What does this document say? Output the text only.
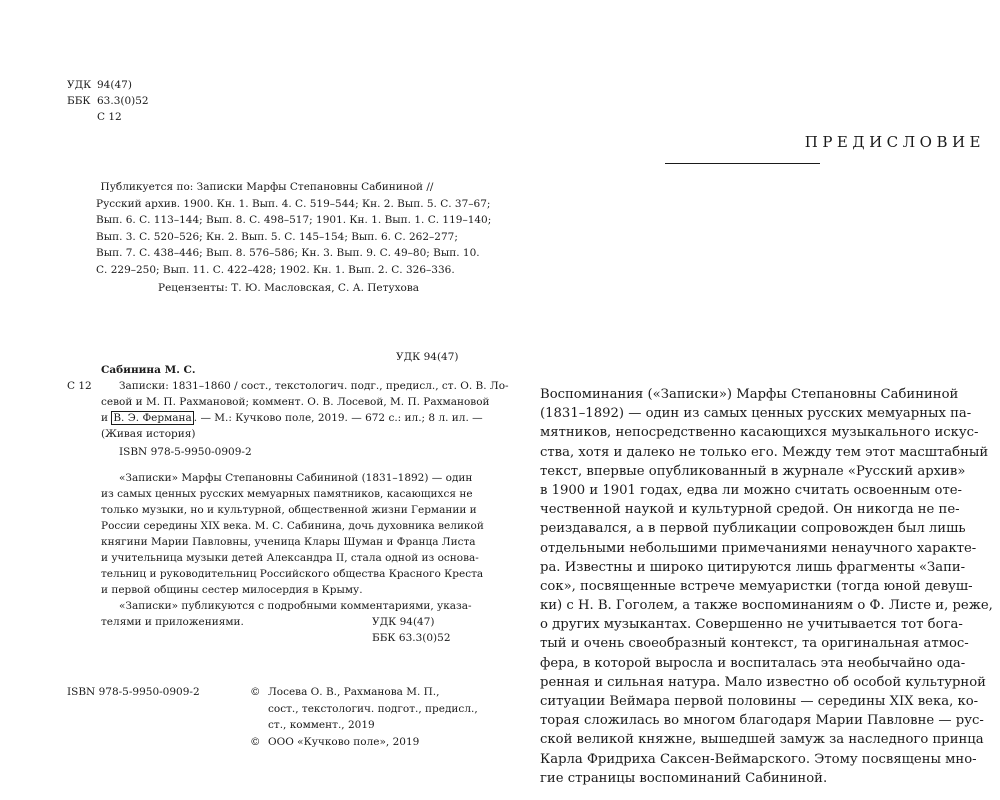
УДК 94(47)
ББК 63.3(0)52
С 12
Публикуется по: Записки Марфы Степановны Сабининой //
Русский архив. 1900. Кн. 1. Вып. 4. С. 519–544; Кн. 2. Вып. 5. С. 37–67;
Вып. 6. С. 113–144; Вып. 8. С. 498–517; 1901. Кн. 1. Вып. 1. С. 119–140;
Вып. 3. С. 520–526; Кн. 2. Вып. 5. С. 145–154; Вып. 6. С. 262–277;
Вып. 7. С. 438–446; Вып. 8. 576–586; Кн. 3. Вып. 9. С. 49–80; Вып. 10.
С. 229–250; Вып. 11. С. 422–428; 1902. Кн. 1. Вып. 2. С. 326–336.
Рецензенты: Т. Ю. Масловская, С. А. Петухова
УДК 94(47)
Сабинина М. С.
С 12	Записки: 1831–1860 / сост., текстологич. подг., предисл., ст. О. В. Ло-
севой и М. П. Рахмановой; коммент. О. В. Лосевой, М. П. Рахмановой
и В. Э. Фермана . — М.: Кучково поле, 2019. — 672 с.: ил.; 8 л. ил. —
(Живая история)
ISBN 978-5-9950-0909-2
«Записки» Марфы Степановны Сабининой (1831–1892) — один
из самых ценных русских мемуарных памятников, касающихся не
только музыки, но и культурной, общественной жизни Германии и
России середины XIX века. М. С. Сабинина, дочь духовника великой
княгини Марии Павловны, ученица Клары Шуман и Франца Листа
и учительница музыки детей Александра II, стала одной из основа-
тельниц и руководительниц Российского общества Красного Креста
и первой общины сестер милосердия в Крыму.
«Записки» публикуются с подробными комментариями, указа-
телями и приложениями.	УДК 94(47)
ББК 63.3(0)52
ISBN 978-5-9950-0909-2	© Лосева О. В., Рахманова М. П.,
сост., текстологич. подгот., предисл.,
ст., коммент., 2019
© ООО «Кучково поле», 2019
ПРЕДИСЛОВИЕ
Воспоминания («Записки») Марфы Степановны Сабининой
(1831–1892) — один из самых ценных русских мемуарных па-
мятников, непосредственно касающихся музыкального искус-
ства, хотя и далеко не только его. Между тем этот масштабный
текст, впервые опубликованный в журнале «Русский архив»
в 1900 и 1901 годах, едва ли можно считать освоенным оте-
чественной наукой и культурной средой. Он никогда не пе-
реиздавался, а в первой публикации сопровожден был лишь
отдельными небольшими примечаниями ненаучного характе-
ра. Известны и широко цитируются лишь фрагменты «Запи-
сок», посвященные встрече мемуаристки (тогда юной девуш-
ки) с Н. В. Гоголем, а также воспоминаниям о Ф. Листе и, реже,
о других музыкантах. Совершенно не учитывается тот бога-
тый и очень своеобразный контекст, та оригинальная атмос-
фера, в которой выросла и воспиталась эта необычайно ода-
ренная и сильная натура. Мало известно об особой культурной
ситуации Веймара первой половины — середины XIX века, ко-
торая сложилась во многом благодаря Марии Павловне — рус-
ской великой княжне, вышедшей замуж за наследного принца
Карла Фридриха Саксен-Веймарского. Этому посвящены мно-
гие страницы воспоминаний Сабининой.
